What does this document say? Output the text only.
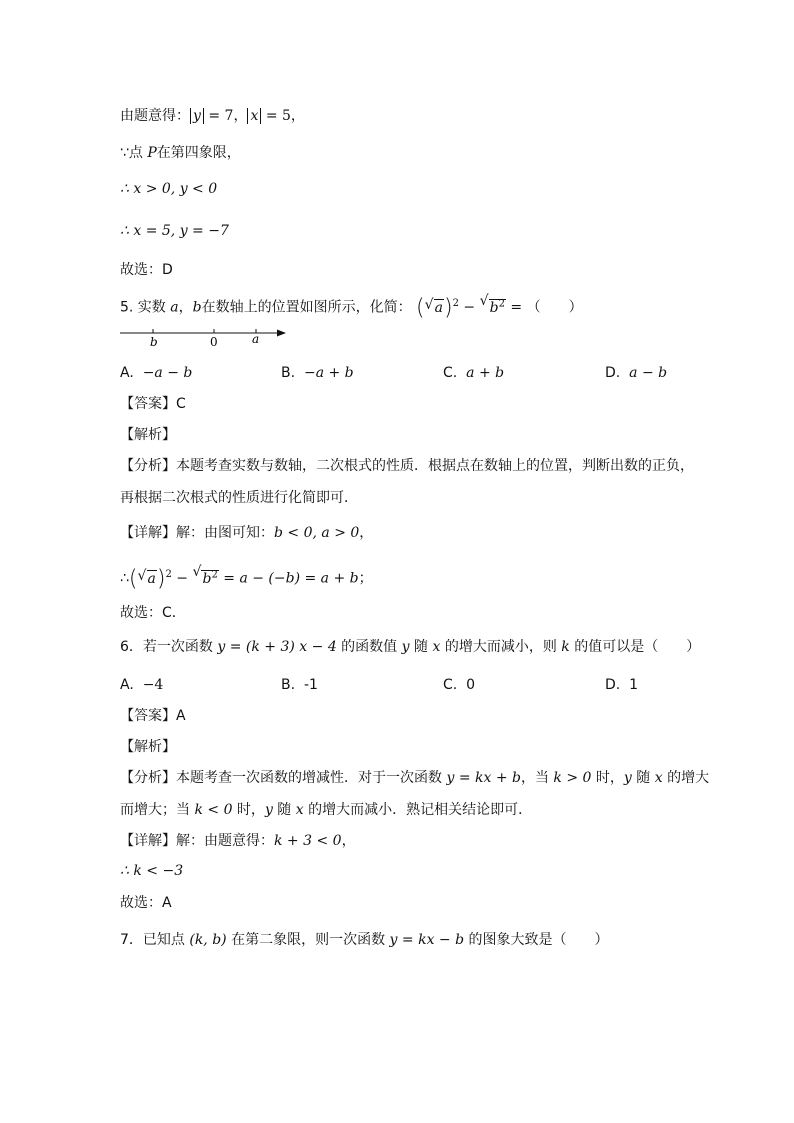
由题意得： y = 7， x = 5，
∵点 P在第四象限，
∴ x > 0, y < 0
∴ x = 5, y = −7
故选：D
5. 实数 a，b在数轴上的位置如图所示，化简： ( √ a)$^2$ − √ $b^2$ = （　　）
b	0	a
A. −a − b	B. −a + b	C. a + b	D. a − b
【答案】C
【解析】
【分析】本题考查实数与数轴，二次根式的性质．根据点在数轴上的位置，判断出数的正负，
再根据二次根式的性质进行化简即可．
【详解】解：由图可知：b < 0, a > 0，
∴( √ a)$^2$ − √ $b^2 = a - (-b) = a + b$；
故选：C．
6．若一次函数 y = (k + 3) x − 4 的函数值 y 随 x 的增大而减小，则 k 的值可以是（　　）
A. −4	B. -1	C. 0	D. 1
【答案】A
【解析】
【分析】本题考查一次函数的增减性．对于一次函数 y = kx + b，当 k > 0 时，y 随 x 的增大
而增大；当 k < 0 时，y 随 x 的增大而减小．熟记相关结论即可．
【详解】解：由题意得：k + 3 < 0，
∴ k < −3
故选：A
7．已知点 (k, b) 在第二象限，则一次函数 y = kx − b 的图象大致是（　　）
